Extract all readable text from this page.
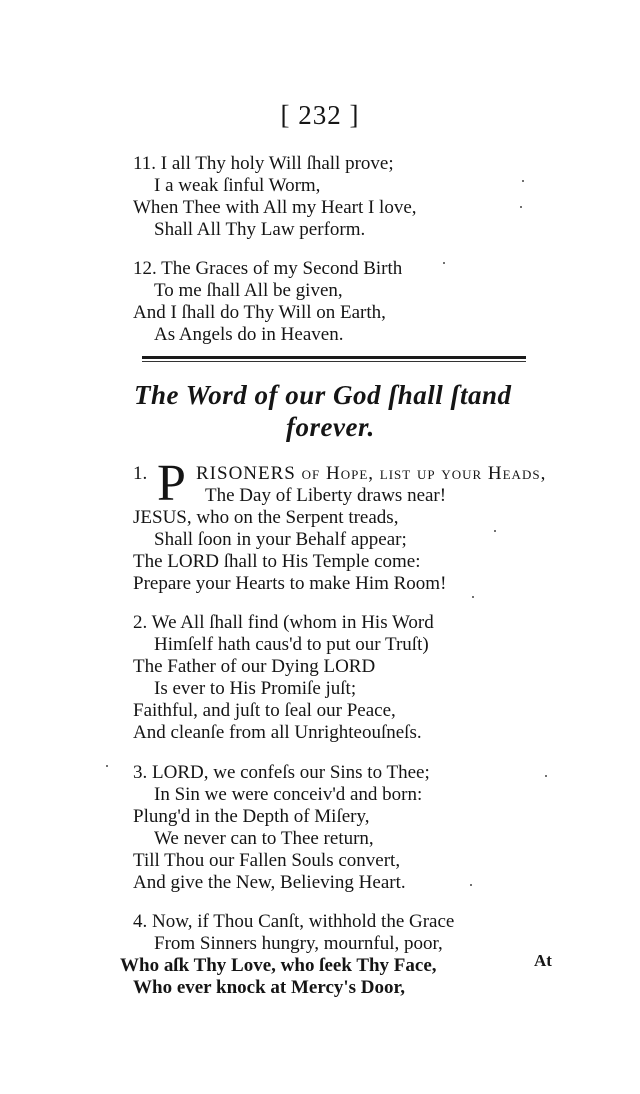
[ 232 ]
11. I all Thy holy Will ſhall prove;
I a weak ſinful Worm,
When Thee with All my Heart I love,
Shall All Thy Law perform.
12. The Graces of my Second Birth
To me ſhall All be given,
And I ſhall do Thy Will on Earth,
As Angels do in Heaven.
The Word of our God ſhall ſtand
forever.
1. P RISONERS of Hope, liſt up your Heads,
The Day of Liberty draws near!
JESUS, who on the Serpent treads,
Shall ſoon in your Behalf appear;
The LORD ſhall to His Temple come:
Prepare your Hearts to make Him Room!
2. We All ſhall find (whom in His Word
Himſelf hath caus'd to put our Truſt)
The Father of our Dying LORD
Is ever to His Promiſe juſt;
Faithful, and juſt to ſeal our Peace,
And cleanſe from all Unrighteouſneſs.
3. LORD, we confeſs our Sins to Thee;
In Sin we were conceiv'd and born:
Plung'd in the Depth of Miſery,
We never can to Thee return,
Till Thou our Fallen Souls convert,
And give the New, Believing Heart.
4. Now, if Thou Canſt, withhold the Grace
From Sinners hungry, mournful, poor,
Who aſk Thy Love, who ſeek Thy Face,
Who ever knock at Mercy's Door,
At
